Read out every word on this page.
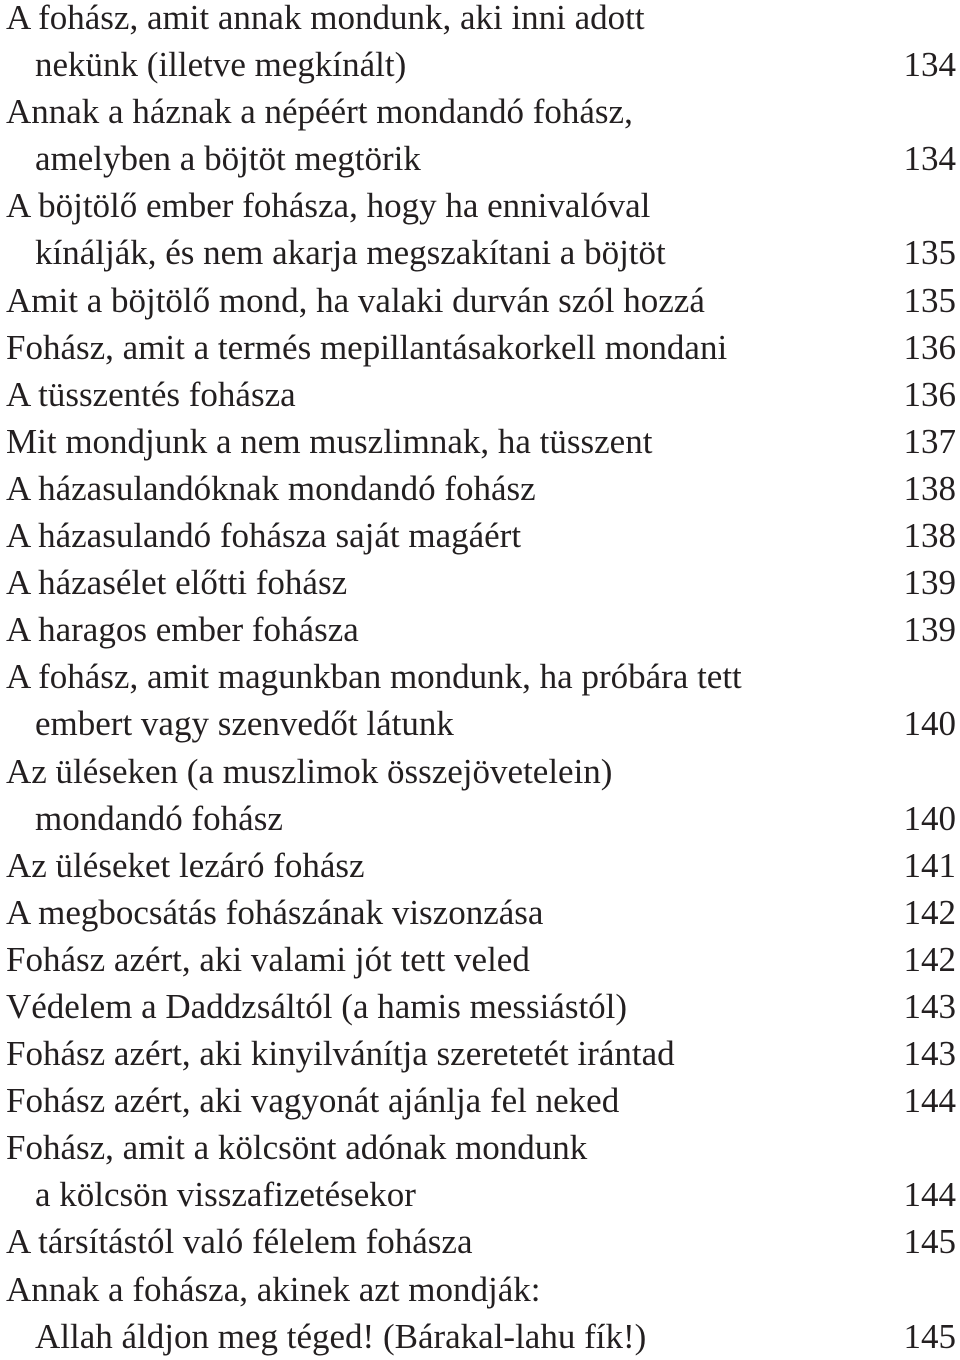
A fohász, amit annak mondunk, aki inni adott
nekünk (illetve megkínált)	134
Annak a háznak a népéért mondandó fohász,
amelyben a böjtöt megtörik	134
A böjtölő ember fohásza, hogy ha ennivalóval
kínálják, és nem akarja megszakítani a böjtöt	135
Amit a böjtölő mond, ha valaki durván szól hozzá	135
Fohász, amit a termés mepillantásakorkell mondani	136
A tüsszentés fohásza	136
Mit mondjunk a nem muszlimnak, ha tüsszent	137
A házasulandóknak mondandó fohász	138
A házasulandó fohásza saját magáért	138
A házasélet előtti fohász	139
A haragos ember fohásza	139
A fohász, amit magunkban mondunk, ha próbára tett
embert vagy szenvedőt látunk	140
Az üléseken (a muszlimok összejövetelein)
mondandó fohász	140
Az üléseket lezáró fohász	141
A megbocsátás fohászának viszonzása	142
Fohász azért, aki valami jót tett veled	142
Védelem a Daddzsáltól (a hamis messiástól)	143
Fohász azért, aki kinyilvánítja szeretetét irántad	143
Fohász azért, aki vagyonát ajánlja fel neked	144
Fohász, amit a kölcsönt adónak mondunk
a kölcsön visszafizetésekor	144
A társítástól való félelem fohásza	145
Annak a fohásza, akinek azt mondják:
Allah áldjon meg téged! (Bárakal-lahu fík!)	145
